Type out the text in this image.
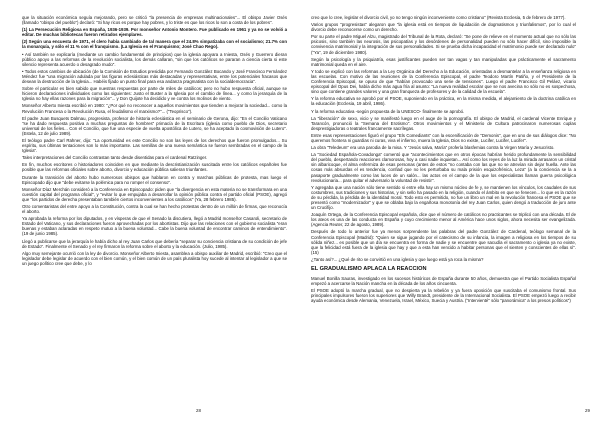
que la situación económica seguía mejorando, pero se criticó "la presencia de empresas multinacionales"... El obispo Javier Osés (llamado "obispo del pueblo") declaró: "Si hay ricos es porque hay pobres, y lo triste es que los ricos lo son a costa de los pobres".

(1) La Persecución Religiosa en España, 1936-1939. Por monseñor Antonio Montero. Fue publicado en 1961 y ya no se volvió a editar. De muchas bibliotecas fueron retirados ejemplares.

(2) Según una encuesta de 1971, el clero había cambiado de tal manera que el 24.8% simpatizaba con el socialismo; 21.7% con la monarquía, y sólo el 11 % con el franquismo. (La Iglesia en el Franquismo; José Chao Rego).

• Así también se explicaría (mediante un cambio fundamental de principios) que la iglesia apoyara a Iniesta, Osés y Guerrero dieran público apoyo a las reformas de la revolución socialista, los demás callaran, "sin que los católicos se pararan a ciencia cierta si este silencio representa acuerdo o desagrado mudo".

• Todos estos cambios de ubicación (de la Comisión de Estudios presidida por Fernando González Bocando y José Francisco Fernández Méndez fue "una migración adulada por las figuras eclesiásticas más destacadas y representativas, entre los potenciales fracasos que desean la destrucción de la Iglesia... Habéis fijado un punto final para esa andanza pragmatista con la socialdemocracia".

Sobre el particular es bien sabido que nuestras respuestas por parte de miles de católicos; pero no hubo respuesta oficial, aunque se hicieron declaraciones individuales como las siguientes: Justo el Buster a la Iglesia por el cambio de línea... y como la jerarquía de la Iglesia no hay ellas razones para la migración"... y Don Quijote ha decidido y ve contra los molinos de viento.

Monseñor Alberto Iniesta escribió en 1980: "¿Por qué no reconocer a aquellos movimientos que tienden a mejorar la sociedad... como la Revolución Francesa o la Revolución Rusa, el feudalismo el marxismo?"... ("Teoprisco").

El padre Juan Busquets Dalmau, progresista, profesor de historia eclesiástica en el seminario de Gerona, dijo: "En el Concilio Vaticano "se ha dado respuesta positiva a muchas preguntas de hombres" primacía de la Escritura (iglesia como pueblo de Dios, secretario universal de los fieles... Con el Concilio, que fue una especie de vuelta apostólica de Lutero, se ha aceptado la cosmovisión de Lutero". (Estela, 12 de julio 1989).

El teólogo padre Carl Rahner, dijo: "La oportunidad es este Concilio no son las leyes de los derechos que fueron promulgados... Su espíritu, sus últimas tentaciones son lo más importante. Las semillas de una nueva semántica se fueron sembradas en el campo de la Iglesia".

Tales interpretaciones del Concilio contrastan tanto desde disentidas para el cardenal Ratzinger.

En fin, muchos escritores o historiadores coinciden en que mediante la descristianización suscitada entre los católicos españoles fue posible que las reformas oficiales sobre aborto, divorcio y educación pública salieran triunfantes.

Durante la transición del aborto hubo numerosos obispos que hablaron en contra y marchas públicas de protesta, mas luego el Episcopado dijo que "debe evitarse la polémica para no romper el consenso".

Monseñor Díaz Merchán consideró a la Conferencia en Episcopado: piden que "la divergencia en esta materia no se transformara en una cuestión capital del programa oficial", y "evitar lo que empujaba a desarrollar la opinión pública contra el partido oficial (PSOE), agregó que "los partidos de derecha presentaban también ciertos inconvenientes a los católicos" (Ya, 28 febrero 1985).

Otro comentaristas del entre apoyo a la Constitución, contra la cual se han hecho protestas dentro de un millón de firmas, que reconocía el aborto.

Ya aprobada la reforma por los diputados, y en vísperas de que el Senado la discutiera, llegó a Madrid monseñor Casaroli, secretario de Estado del Vaticano, y sus declaraciones fueron aprovechadas por los abortistas. Dijo que las relaciones con el gobierno socialista "eran buenas y estaban aclaradas en respeto mutuo a la buena voluntad... Cabe la buena voluntad de encontrar caminos de entendimiento". (19 de junio 1985).

Llegó a publicarse que la jerarquía le había dicho al rey Juan Carlos que debería "separar su conciencia cristiana de su condición de jefe de Estado". Finalmente el Senado y el rey firmaron la reforma sobre el aborto y la educación. (Julio, 1985).

Algo muy semejante ocurrió con la ley de divorcio. Monseñor Alberto Iniesta, asamblea a obispo auxiliar de Madrid, escribió: "Creo que el legislador debe legislar de acuerdo con el bien común, y el bien común de un país pluralista hoy sucede al intentar al legislador a que se un juego político cree que debe, y lo

28

creo que lo cree, legislar el divorcio civil, yo no tengo ningún inconveniente como cristiano" (Revista Ecclesia, 5 de febrero de 1977).

Varios grupos "progresistas" alegaron que "la iglesia está en tiempos de liquidación de dogmatismos y triunfalismos", por lo cual el divorcio debe reconocerse como un derecho.

Por su parte el padre Miguel Alzu, magistrado del Tribunal de la Rota, declaró: "Se pone de relieve en el momento actual que no sólo las psicosis, sino también las neurosis, las psicopatías y los desórdenes de personalidad pueden no sólo hacer difícil, sino imposible la convivencia matrimonial y la integración de sus personalidades. Si se prueba dicha incapacidad el matrimonio puede ser declarado nulo" ("Ya", 19 de diciembre 1980).

Según la psicología y la psiquiatría, esas justificantes pueden ser tan vagas y tan manipuladas que prácticamente el sacramento matrimonial queda en el aire.

Y todo se explicó con las reformas a la Ley Orgánica del Derecho a la Educación, orientadas a desmantelar a la enseñanza religiosa en las escuelas. Con motivo de las reuniones de la Conferencia Episcopal, el padre Teodoro Martín Patiño, y el Presidente de la Conferencia Episcopal, se opuso de que "habían provocado una serie de tensiones". Luego el padre Francisco Gil Peláez, vicario episcopal del Opus Dei, había dicho más agua fría al asunto: "La nueva realidad escolar que se nos avecina no sólo no es sospechosa, sino que contiene grandes valores y una gran franqueza de profesores y de la calidad de la escuela".

Y la reforma educativa se aprobó por el PSOE, suponiendo en la práctica, en la misma medida, el alejamiento de la doctrina católica en la educación (Ecclesia, 19 abril, 1986).

Y la reforma educativa -según propuesta de la UNESCO- finalmente se aprobó.

La "liberación" de sexo, vicio y se manifestó luego en el auge de la pornografía. El obispo de Madrid, el cardenal Vicente Enrique y Tarancón, pronunció la "Semana del Erotismo". Otros movimientos y el Ministerio de Cultura patrocinaron numerosas cuplas desprestigiadoras o teatrales francamente sacrílegas.

Entre esas representaciones figuró el grupo "Els Comediants" con la escenificación de "Demonis", que en uno de sus diálogos dice: "No queremos frontera ni guardias ni curas, viva el infierno, muera la Iglesia, Dios no existe, Lucifer, Lucifer, Lucifer".

La obra "Teledeum" era una parodia de la misa. Y "Jesús salva, María" profería blasfemias contra la Virgen María y Jesucristo.

La "Sociedad Española-Covadonga" comentó que "acontecimientos que en otros épocas habrían herido profundamente la sensibilidad del pueblo, despertando reacciones clamorosas, hoy a casi nadie inquietan... Así como los reyes de la luz la mirada arrasaron un cristal sin albaricoque, el alma enfermiza de esas personas (antes de estos "no contaba con las que no se atrevían sin dejar huella. Ante las cosas más absurdas el es tendencia, confiad que no les perturbaba su mala prisión esquizofrénica, Leza" (a la conciencia se la a pasaporte gradualmente como las luces de un salón... las actos en el campo de la que los especialistas llaman guerra psicológica revolucionaria... para quitar el adversario la voluntad de resistir".

Y agregaba que una nación sólo tiene sentido si entre ella hay un mismo núcleo de fe y, se mantienen los vínculos, los caudales de sus costumbres, sus tradiciones y sus historias, y sin sello ha pasado en la religión, cuando el ámbito en que se fenecen... lo que es la razón de su pérdida, la pérdida de la identidad moral. Todo esto es permitido, no fue un libro un mal en la revolución francesa el PSOE que se presentó como "modernizador" y que se oblaba bajo la engañosa monotonía del rey Juan Carlos, quien dengó a traducción de juro ante un Crucifijo.

Joaquín Ortega, de la Conferencia Episcopal española, dice que el número de católicos no practicantes se triplicó con una década. El de los ateos es una de las conducta en España y cuyo crecimiento menor al América hace unos siglos, ahora necesita ser evangelizada. (Agencia Reuter, 22 de agosto, 1989).

Después de todo lo anterior fue ya menos sorprendente las palabras del padre González de Cardenal, teólogo semanal de la Conferencia Episcopal (Madrid): "Quien se sigue jugando por el catecismo de su infancia, la imagen a religiosa en los tiempos de su sólida niñez... es posible que un día se encuentra en forma de nadie y se encuentre que sacudía el sacramento o iglesia ya no existe, que la felicidad está fuera de la iglesia que hay y que a esta han vencido a habitar personas que el sienten y conscientes de ellas sí". (15)

¿Tanto así?... ¿Qué de rito se convirtió en una iglesia y que luego está ya roca la misma?

EL GRADUALISMO APLACA LA REACCION

Manuel Bonilla Sauras, investigado en los sucesos históricos de España durante 50 años, demuestra que el Partido Socialista Español empezó a acercarse la Nación mancha en la década de los años cincuenta.

El PSOE adoptó la marcha gradual, que no despierta ya la rebelión y ya fuera oposición que suscitaba el comunismo frontal. Sus principales impulsores fueron los superiores que Willy Brandt, presidente de la Internacional Socialista. El PSOE empezó luego a recibir ayuda económica desde Alemania, Venezuela, Israel, México, Suecia y Austria. ("Intervienté" sólo "panorámica" a los presos políticos")

29
